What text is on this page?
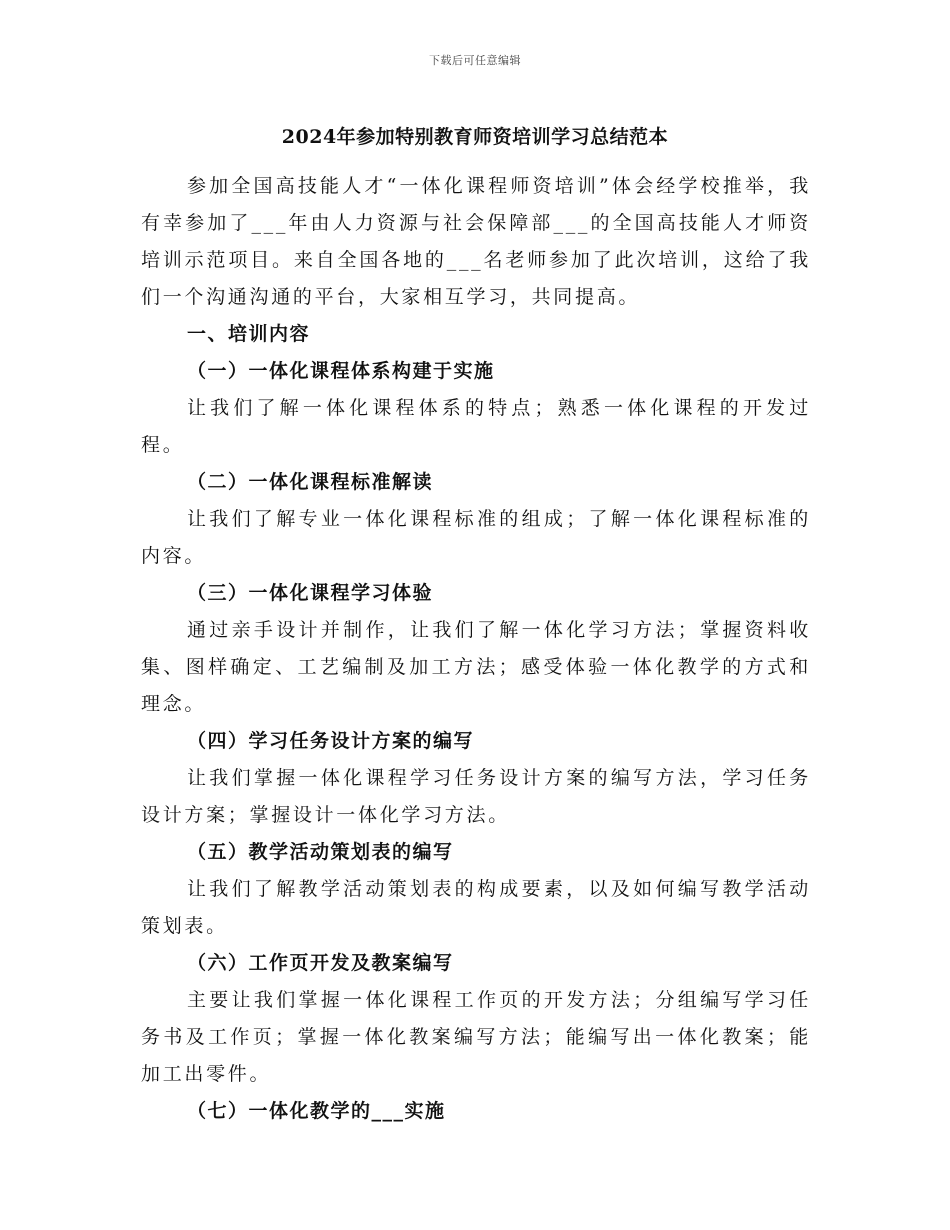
下载后可任意编辑
2024年参加特别教育师资培训学习总结范本

参加全国高技能人才“一体化课程师资培训”体会经学校推举，我有幸参加了___年由人力资源与社会保障部___的全国高技能人才师资培训示范项目。来自全国各地的___名老师参加了此次培训，这给了我们一个沟通沟通的平台，大家相互学习，共同提高。

一、培训内容

（一）一体化课程体系构建于实施

让我们了解一体化课程体系的特点；熟悉一体化课程的开发过程。

（二）一体化课程标准解读

让我们了解专业一体化课程标准的组成；了解一体化课程标准的内容。

（三）一体化课程学习体验

通过亲手设计并制作，让我们了解一体化学习方法；掌握资料收集、图样确定、工艺编制及加工方法；感受体验一体化教学的方式和理念。

（四）学习任务设计方案的编写

让我们掌握一体化课程学习任务设计方案的编写方法，学习任务设计方案；掌握设计一体化学习方法。

（五）教学活动策划表的编写

让我们了解教学活动策划表的构成要素，以及如何编写教学活动策划表。

（六）工作页开发及教案编写

主要让我们掌握一体化课程工作页的开发方法；分组编写学习任务书及工作页；掌握一体化教案编写方法；能编写出一体化教案；能加工出零件。

（七）一体化教学的___实施
